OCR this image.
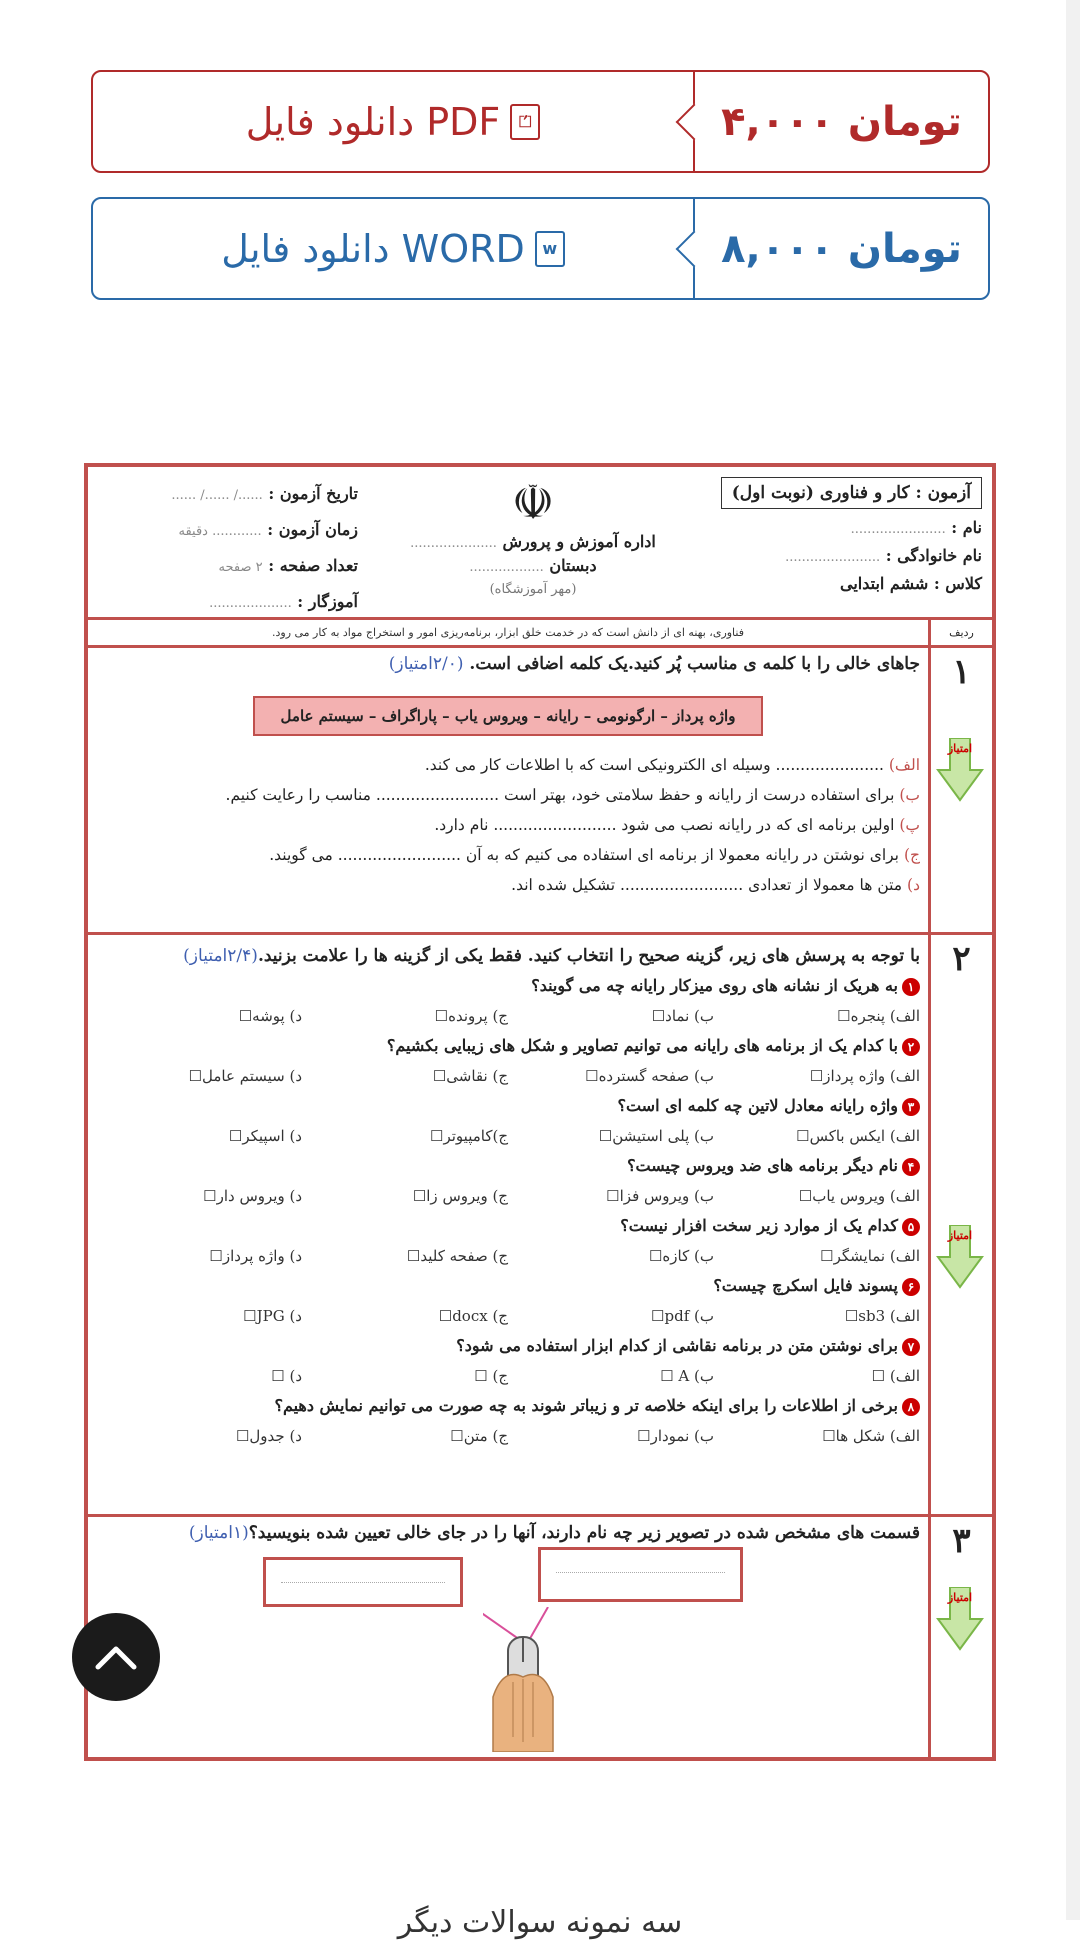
دانلود فایل PDF	⏍	۴,۰۰۰ تومان
دانلود فایل WORD	w	۸,۰۰۰ تومان
آزمون : کار و فناوری (نوبت اول)
نام : .......................
نام خانوادگی : .......................
کلاس : ششم ابتدایی
☫
اداره آموزش و پرورش .....................
دبستان ..................
(مهر آموزشگاه)
تاریخ آزمون : ....../ ....../ ......
زمان آزمون : ............ دقیقه
تعداد صفحه : ۲ صفحه
آموزگار : ....................
ردیف
فناوری، بهنه ای از دانش است که در خدمت خلق ابزار، برنامه‌ریزی امور و استخراج مواد به کار می رود.
۱
امتیاز
جاهای خالی را با کلمه ی مناسب پُر کنید.یک کلمه اضافی است. (۲/۰امتیاز)
واژه پرداز – ارگونومی – رایانه – ویروس یاب – پاراگراف – سیستم عامل
الف) ...................... وسیله ای الکترونیکی است که با اطلاعات کار می کند.
ب) برای استفاده درست از رایانه و حفظ سلامتی خود، بهتر است ......................... مناسب را رعایت کنیم.
پ) اولین برنامه ای که در رایانه نصب می شود ......................... نام دارد.
ج) برای نوشتن در رایانه معمولا از برنامه ای استفاده می کنیم که به آن ......................... می گویند.
د) متن ها معمولا از تعدادی ......................... تشکیل شده اند.
۲
امتیاز
با توجه به پرسش های زیر، گزینه صحیح را انتخاب کنید. فقط یکی از گزینه ها را علامت بزنید.(۲/۴امتیاز)
۱به هریک از نشانه های روی میزکار رایانه چه می گویند؟
الف) پنجره☐
ب) نماد☐
ج) پرونده☐
د) پوشه☐
۲با کدام یک از برنامه های رایانه می توانیم تصاویر و شکل های زیبایی بکشیم؟
الف) واژه پرداز☐
ب) صفحه گسترده☐
ج) نقاشی☐
د) سیستم عامل☐
۳واژه رایانه معادل لاتین چه کلمه ای است؟
الف) ایکس باکس☐
ب) پلی استیشن☐
ج)کامپیوتر☐
د) اسپیکر☐
۴نام دیگر برنامه های ضد ویروس چیست؟
الف) ویروس یاب☐
ب) ویروس فزا☐
ج) ویروس زا☐
د) ویروس دار☐
۵کدام یک از موارد زیر سخت افزار نیست؟
الف) نمایشگر☐
ب) کازه☐
ج) صفحه کلید☐
د) واژه پرداز☐
۶پسوند فایل اسکرچ چیست؟
الف) sb3☐
ب) pdf☐
ج) docx☐
د) JPG☐
۷برای نوشتن متن در برنامه نقاشی از کدام ابزار استفاده می شود؟
الف) ☐
ب) A ☐
ج) ☐
د) ☐
۸برخی از اطلاعات را برای اینکه خلاصه تر و زیباتر شوند به چه صورت می توانیم نمایش دهیم؟
الف) شکل ها☐
ب) نمودار☐
ج) متن☐
د) جدول☐
۳
امتیاز
قسمت های مشخص شده در تصویر زیر چه نام دارند، آنها را در جای خالی تعیین شده بنویسید؟(۱امتیاز)
سه نمونه سوالات دیگر
